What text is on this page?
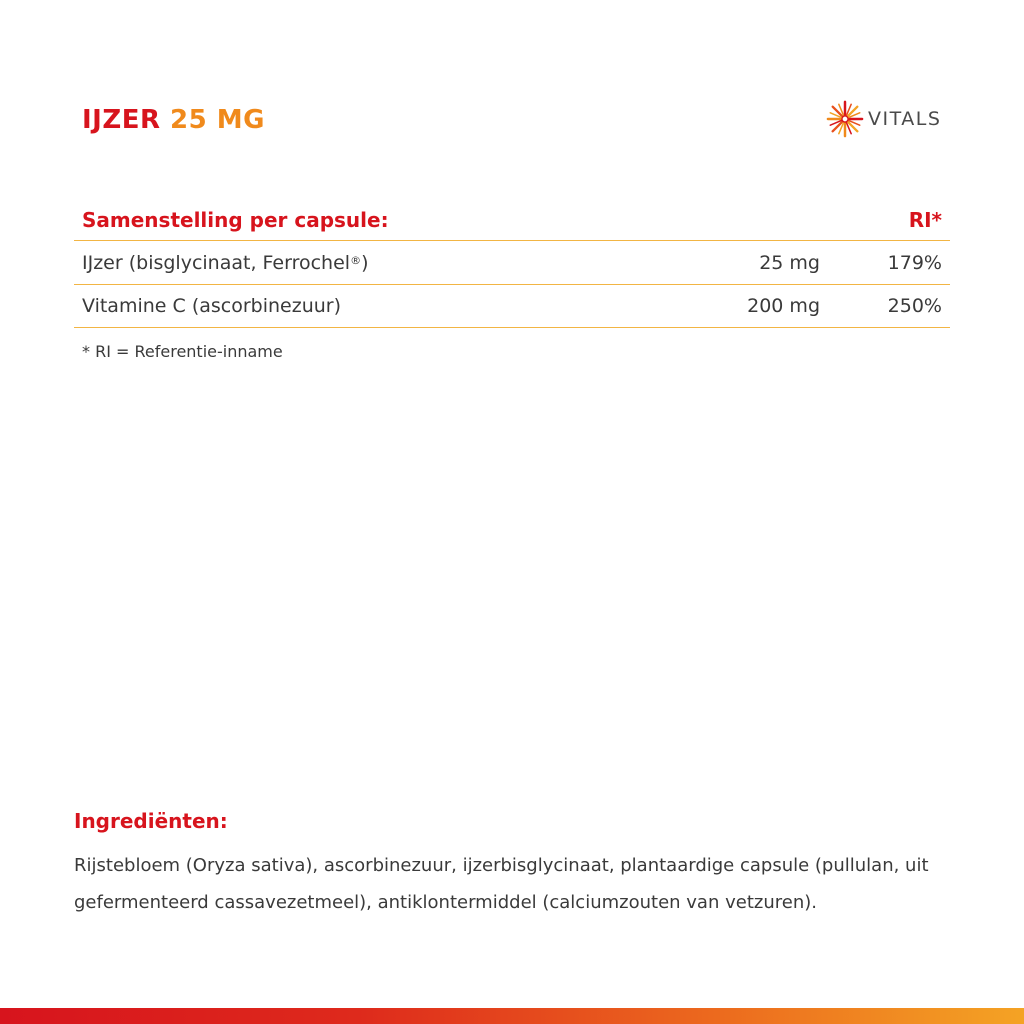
IJZER 25 MG	VITALS
Samenstelling per capsule:	RI*
IJzer (bisglycinaat, Ferrochel®)	25 mg	179%
Vitamine C (ascorbinezuur)	200 mg	250%
* RI = Referentie-inname
Ingrediënten:
Rijstebloem (Oryza sativa), ascorbinezuur, ijzerbisglycinaat, plantaardige capsule (pullulan, uit gefermenteerd cassavezetmeel), antiklontermiddel (calciumzouten van vetzuren).
